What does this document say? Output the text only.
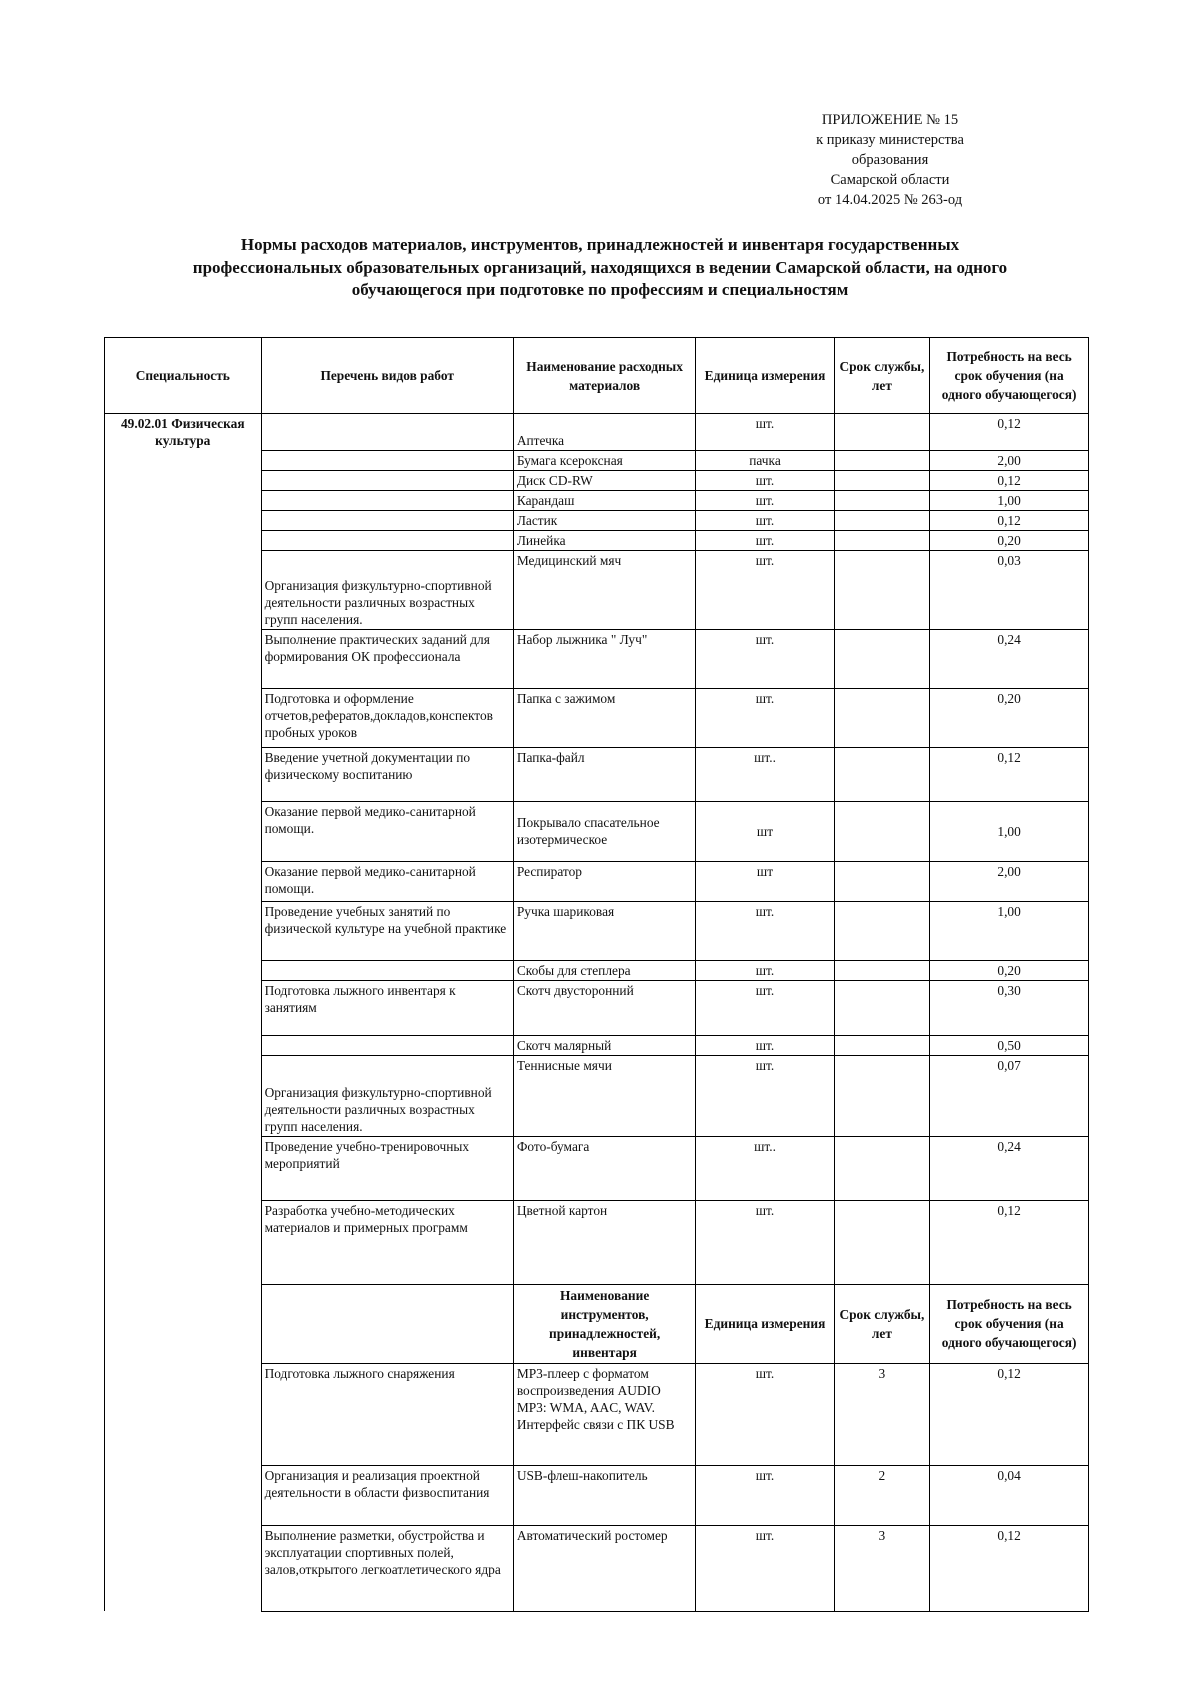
ПРИЛОЖЕНИЕ № 15
к приказу министерства
образования
Самарской области
от 14.04.2025 № 263-од
Нормы расходов материалов, инструментов, принадлежностей и инвентаря государственных
профессиональных образовательных организаций, находящихся в ведении Самарской области, на одного
обучающегося при подготовке по профессиям и специальностям
Специальность	Перечень видов работ	Наименование расходных материалов	Единица измерения	Срок службы, лет	Потребность на весь срок обучения (на одного обучающегося)
49.02.01 Физическая культура		Аптечка	шт.		0,12
		Бумага ксероксная	пачка		2,00
		Диск CD-RW	шт.		0,12
		Карандаш	шт.		1,00
		Ластик	шт.		0,12
		Линейка	шт.		0,20
	Организация физкультурно-спортивной деятельности различных возрастных групп населения.	Медицинский мяч	шт.		0,03
	Выполнение практических заданий для формирования ОК профессионала	Набор лыжника " Луч"	шт.		0,24
	Подготовка и оформление отчетов,рефератов,докладов,конспектов пробных уроков	Папка с зажимом	шт.		0,20
	Введение учетной документации по физическому воспитанию	Папка-файл	шт..		0,12
	Оказание первой медико-санитарной помощи.	Покрывало спасательное изотермическое	шт		1,00
	Оказание первой медико-санитарной помощи.	Респиратор	шт		2,00
	Проведение учебных занятий по физической культуре на учебной практике	Ручка шариковая	шт.		1,00
		Скобы для степлера	шт.		0,20
	Подготовка лыжного инвентаря к занятиям	Скотч двусторонний	шт.		0,30
		Скотч малярный	шт.		0,50
	Организация физкультурно-спортивной деятельности различных возрастных групп населения.	Теннисные мячи	шт.		0,07
	Проведение учебно-тренировочных мероприятий	Фото-бумага	шт..		0,24
	Разработка учебно-методических материалов и примерных программ	Цветной картон	шт.		0,12
		Наименование инструментов, принадлежностей, инвентаря	Единица измерения	Срок службы, лет	Потребность на весь срок обучения (на одного обучающегося)
	Подготовка лыжного снаряжения	MP3-плеер с форматом воспроизведения AUDIO MP3: WMA, AAC, WAV. Интерфейс связи с ПК USB	шт.	3	0,12
	Организация и реализация проектной деятельности в области физвоспитания	USB-флеш-накопитель	шт.	2	0,04
	Выполнение разметки, обустройства и эксплуатации спортивных полей, залов,открытого легкоатлетического ядра	Автоматический ростомер	шт.	3	0,12
